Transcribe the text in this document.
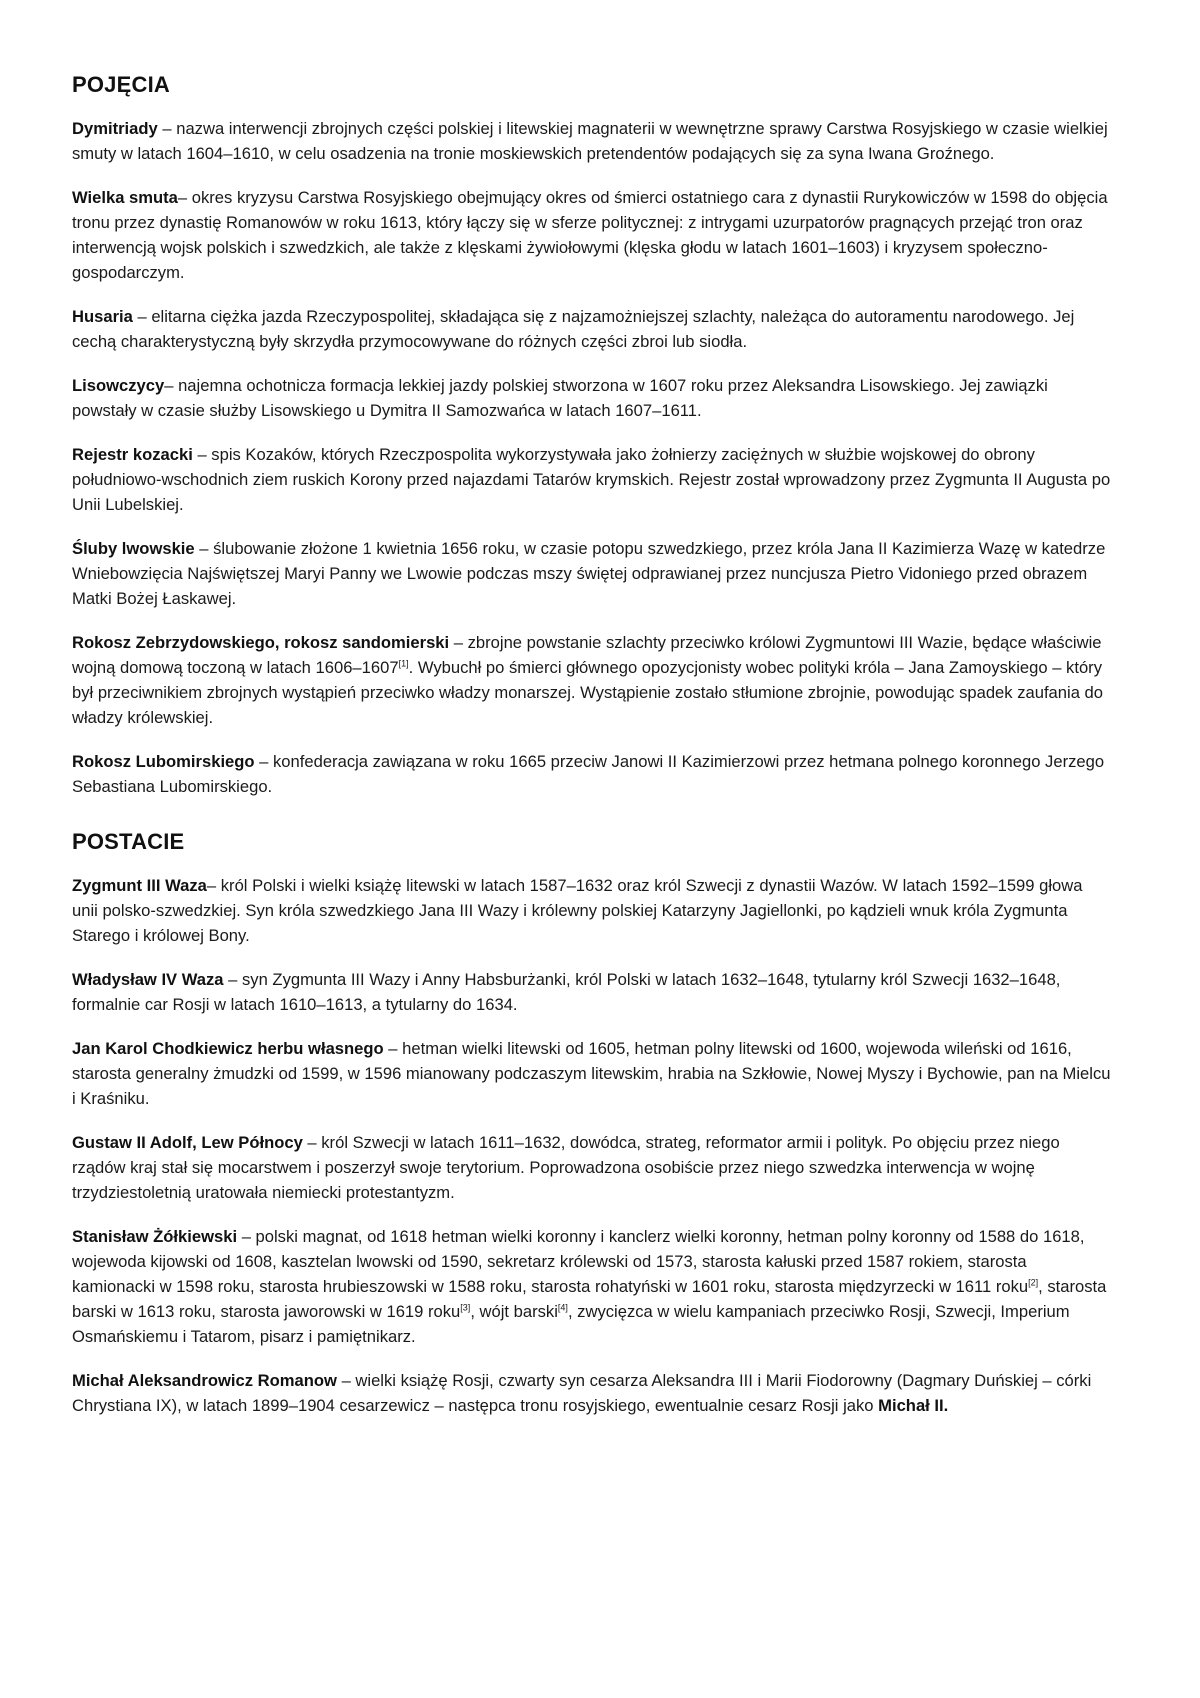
POJĘCIA

Dymitriady – nazwa interwencji zbrojnych części polskiej i litewskiej magnaterii w wewnętrzne sprawy Carstwa Rosyjskiego w czasie wielkiej smuty w latach 1604–1610, w celu osadzenia na tronie moskiewskich pretendentów podających się za syna Iwana Groźnego.

Wielka smuta– okres kryzysu Carstwa Rosyjskiego obejmujący okres od śmierci ostatniego cara z dynastii Rurykowiczów w 1598 do objęcia tronu przez dynastię Romanowów w roku 1613, który łączy się w sferze politycznej: z intrygami uzurpatorów pragnących przejąć tron oraz interwencją wojsk polskich i szwedzkich, ale także z klęskami żywiołowymi (klęska głodu w latach 1601–1603) i kryzysem społeczno-gospodarczym.

Husaria – elitarna ciężka jazda Rzeczypospolitej, składająca się z najzamożniejszej szlachty, należąca do autoramentu narodowego. Jej cechą charakterystyczną były skrzydła przymocowywane do różnych części zbroi lub siodła.

Lisowczycy– najemna ochotnicza formacja lekkiej jazdy polskiej stworzona w 1607 roku przez Aleksandra Lisowskiego. Jej zawiązki powstały w czasie służby Lisowskiego u Dymitra II Samozwańca w latach 1607–1611.

Rejestr kozacki – spis Kozaków, których Rzeczpospolita wykorzystywała jako żołnierzy zaciężnych w służbie wojskowej do obrony południowo-wschodnich ziem ruskich Korony przed najazdami Tatarów krymskich. Rejestr został wprowadzony przez Zygmunta II Augusta po Unii Lubelskiej.

Śluby lwowskie – ślubowanie złożone 1 kwietnia 1656 roku, w czasie potopu szwedzkiego, przez króla Jana II Kazimierza Wazę w katedrze Wniebowzięcia Najświętszej Maryi Panny we Lwowie podczas mszy świętej odprawianej przez nuncjusza Pietro Vidoniego przed obrazem Matki Bożej Łaskawej.

Rokosz Zebrzydowskiego, rokosz sandomierski – zbrojne powstanie szlachty przeciwko królowi Zygmuntowi III Wazie, będące właściwie wojną domową toczoną w latach 1606–1607[1]. Wybuchł po śmierci głównego opozycjonisty wobec polityki króla – Jana Zamoyskiego – który był przeciwnikiem zbrojnych wystąpień przeciwko władzy monarszej. Wystąpienie zostało stłumione zbrojnie, powodując spadek zaufania do władzy królewskiej.

Rokosz Lubomirskiego – konfederacja zawiązana w roku 1665 przeciw Janowi II Kazimierzowi przez hetmana polnego koronnego Jerzego Sebastiana Lubomirskiego.

POSTACIE

Zygmunt III Waza– król Polski i wielki książę litewski w latach 1587–1632 oraz król Szwecji z dynastii Wazów. W latach 1592–1599 głowa unii polsko-szwedzkiej. Syn króla szwedzkiego Jana III Wazy i królewny polskiej Katarzyny Jagiellonki, po kądzieli wnuk króla Zygmunta Starego i królowej Bony.

Władysław IV Waza – syn Zygmunta III Wazy i Anny Habsburżanki, król Polski w latach 1632–1648, tytularny król Szwecji 1632–1648, formalnie car Rosji w latach 1610–1613, a tytularny do 1634.

Jan Karol Chodkiewicz herbu własnego – hetman wielki litewski od 1605, hetman polny litewski od 1600, wojewoda wileński od 1616, starosta generalny żmudzki od 1599, w 1596 mianowany podczaszym litewskim, hrabia na Szkłowie, Nowej Myszy i Bychowie, pan na Mielcu i Kraśniku.

Gustaw II Adolf, Lew Północy – król Szwecji w latach 1611–1632, dowódca, strateg, reformator armii i polityk. Po objęciu przez niego rządów kraj stał się mocarstwem i poszerzył swoje terytorium. Poprowadzona osobiście przez niego szwedzka interwencja w wojnę trzydziestoletnią uratowała niemiecki protestantyzm.

Stanisław Żółkiewski – polski magnat, od 1618 hetman wielki koronny i kanclerz wielki koronny, hetman polny koronny od 1588 do 1618, wojewoda kijowski od 1608, kasztelan lwowski od 1590, sekretarz królewski od 1573, starosta kałuski przed 1587 rokiem, starosta kamionacki w 1598 roku, starosta hrubieszowski w 1588 roku, starosta rohatyński w 1601 roku, starosta międzyrzecki w 1611 roku[2], starosta barski w 1613 roku, starosta jaworowski w 1619 roku[3], wójt barski[4], zwycięzca w wielu kampaniach przeciwko Rosji, Szwecji, Imperium Osmańskiemu i Tatarom, pisarz i pamiętnikarz.

Michał Aleksandrowicz Romanow – wielki książę Rosji, czwarty syn cesarza Aleksandra III i Marii Fiodorowny (Dagmary Duńskiej – córki Chrystiana IX), w latach 1899–1904 cesarzewicz – następca tronu rosyjskiego, ewentualnie cesarz Rosji jako Michał II.
